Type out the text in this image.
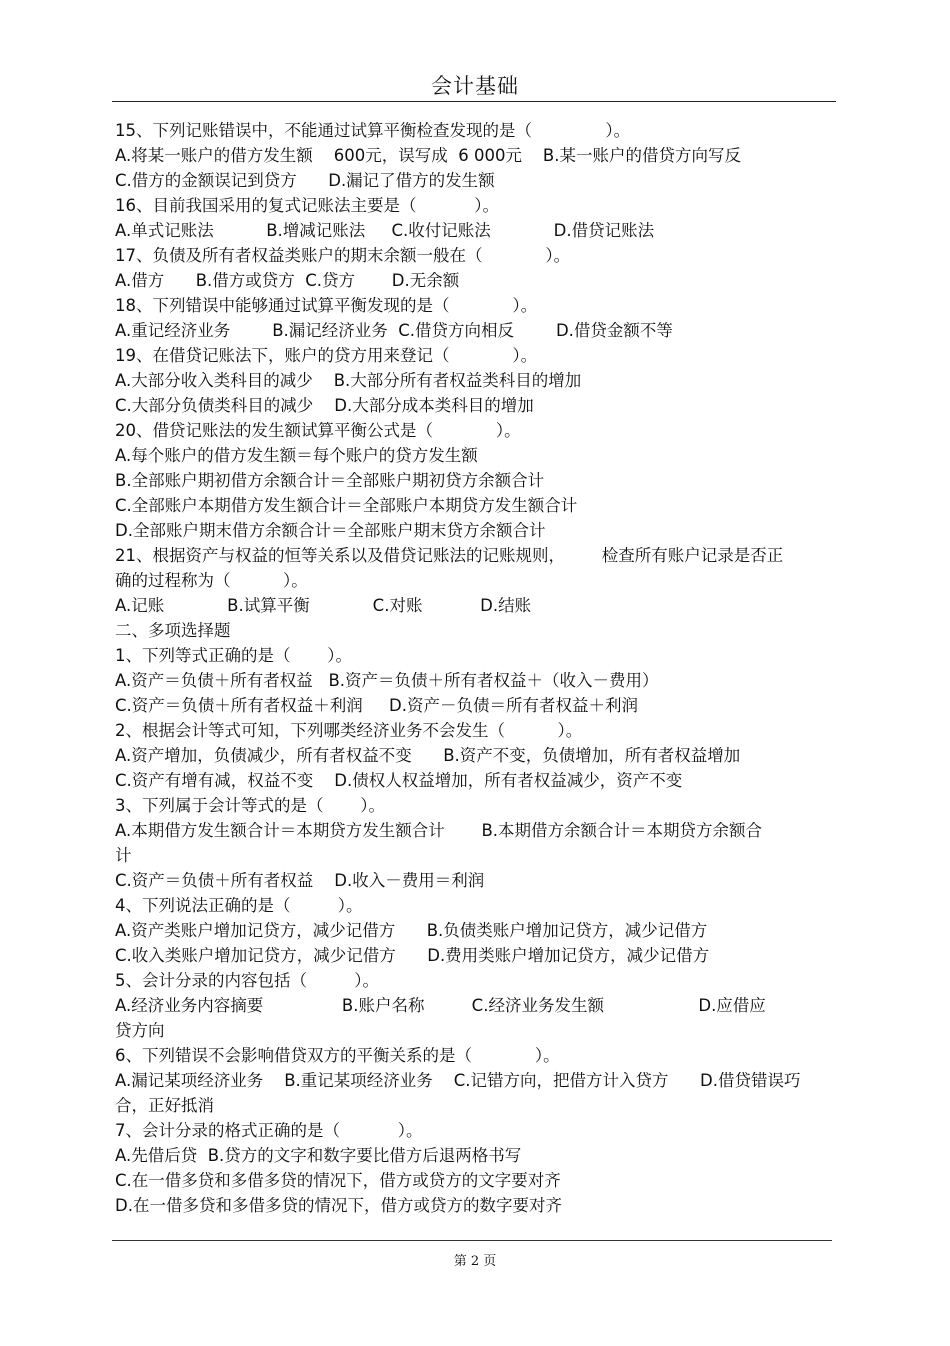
会计基础
15、下列记账错误中，不能通过试算平衡检查发现的是（              ）。
A.将某一账户的借方发生额    600元，误写成  6 000元    B.某一账户的借贷方向写反
C.借方的金额误记到贷方      D.漏记了借方的发生额
16、目前我国采用的复式记账法主要是（           ）。
A.单式记账法          B.增减记账法     C.收付记账法            D.借贷记账法
17、负债及所有者权益类账户的期末余额一般在（            ）。
A.借方      B.借方或贷方  C.贷方       D.无余额
18、下列错误中能够通过试算平衡发现的是（            ）。
A.重记经济业务        B.漏记经济业务  C.借贷方向相反        D.借贷金额不等
19、在借贷记账法下，账户的贷方用来登记（            ）。
A.大部分收入类科目的减少    B.大部分所有者权益类科目的增加
C.大部分负债类科目的减少    D.大部分成本类科目的增加
20、借贷记账法的发生额试算平衡公式是（            ）。
A.每个账户的借方发生额＝每个账户的贷方发生额
B.全部账户期初借方余额合计＝全部账户期初贷方余额合计
C.全部账户本期借方发生额合计＝全部账户本期贷方发生额合计
D.全部账户期末借方余额合计＝全部账户期末贷方余额合计
21、根据资产与权益的恒等关系以及借贷记账法的记账规则，       检查所有账户记录是否正
确的过程称为（          ）。
A.记账            B.试算平衡            C.对账           D.结账
二、多项选择题
1、下列等式正确的是（       ）。
A.资产＝负债＋所有者权益   B.资产＝负债＋所有者权益＋（收入－费用）
C.资产＝负债＋所有者权益＋利润     D.资产－负债＝所有者权益＋利润
2、根据会计等式可知，下列哪类经济业务不会发生（          ）。
A.资产增加，负债减少，所有者权益不变      B.资产不变，负债增加，所有者权益增加
C.资产有增有减，权益不变    D.债权人权益增加，所有者权益减少，资产不变
3、下列属于会计等式的是（       ）。
A.本期借方发生额合计＝本期贷方发生额合计       B.本期借方余额合计＝本期贷方余额合
计
C.资产＝负债＋所有者权益    D.收入－费用＝利润
4、下列说法正确的是（         ）。
A.资产类账户增加记贷方，减少记借方      B.负债类账户增加记贷方，减少记借方
C.收入类账户增加记贷方，减少记借方      D.费用类账户增加记贷方，减少记借方
5、会计分录的内容包括（         ）。
A.经济业务内容摘要               B.账户名称         C.经济业务发生额                  D.应借应
贷方向
6、下列错误不会影响借贷双方的平衡关系的是（            ）。
A.漏记某项经济业务    B.重记某项经济业务    C.记错方向，把借方计入贷方      D.借贷错误巧
合，正好抵消
7、会计分录的格式正确的是（           ）。
A.先借后贷  B.贷方的文字和数字要比借方后退两格书写
C.在一借多贷和多借多贷的情况下，借方或贷方的文字要对齐
D.在一借多贷和多借多贷的情况下，借方或贷方的数字要对齐
第 2 页
